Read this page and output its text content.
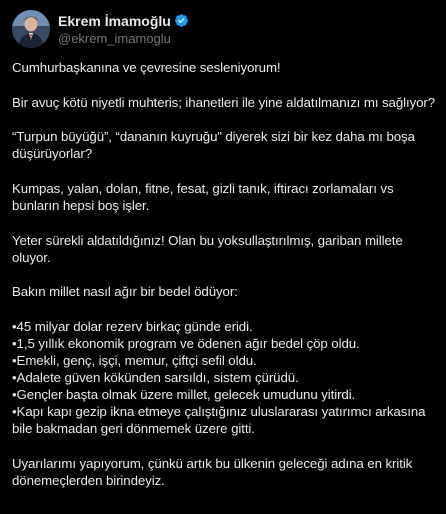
Ekrem İmamoğlu
@ekrem_imamoglu
Cumhurbaşkanına ve çevresine sesleniyorum!
Bir avuç kötü niyetli muhteris; ihanetleri ile yine aldatılmanızı mı sağlıyor?
“Turpun büyüğü”, “dananın kuyruğu” diyerek sizi bir kez daha mı boşa
düşürüyorlar?
Kumpas, yalan, dolan, fitne, fesat, gizli tanık, iftiracı zorlamaları vs
bunların hepsi boş işler.
Yeter sürekli aldatıldığınız! Olan bu yoksullaştırılmış, gariban millete
oluyor.
Bakın millet nasıl ağır bir bedel ödüyor:
•45 milyar dolar rezerv birkaç günde eridi.
•1,5 yıllık ekonomik program ve ödenen ağır bedel çöp oldu.
•Emekli, genç, işçi, memur, çiftçi sefil oldu.
•Adalete güven kökünden sarsıldı, sistem çürüdü.
•Gençler başta olmak üzere millet, gelecek umudunu yitirdi.
•Kapı kapı gezip ikna etmeye çalıştığınız uluslararası yatırımcı arkasına
bile bakmadan geri dönmemek üzere gitti.
Uyarılarımı yapıyorum, çünkü artık bu ülkenin geleceği adına en kritik
dönemeçlerden birindeyiz.
